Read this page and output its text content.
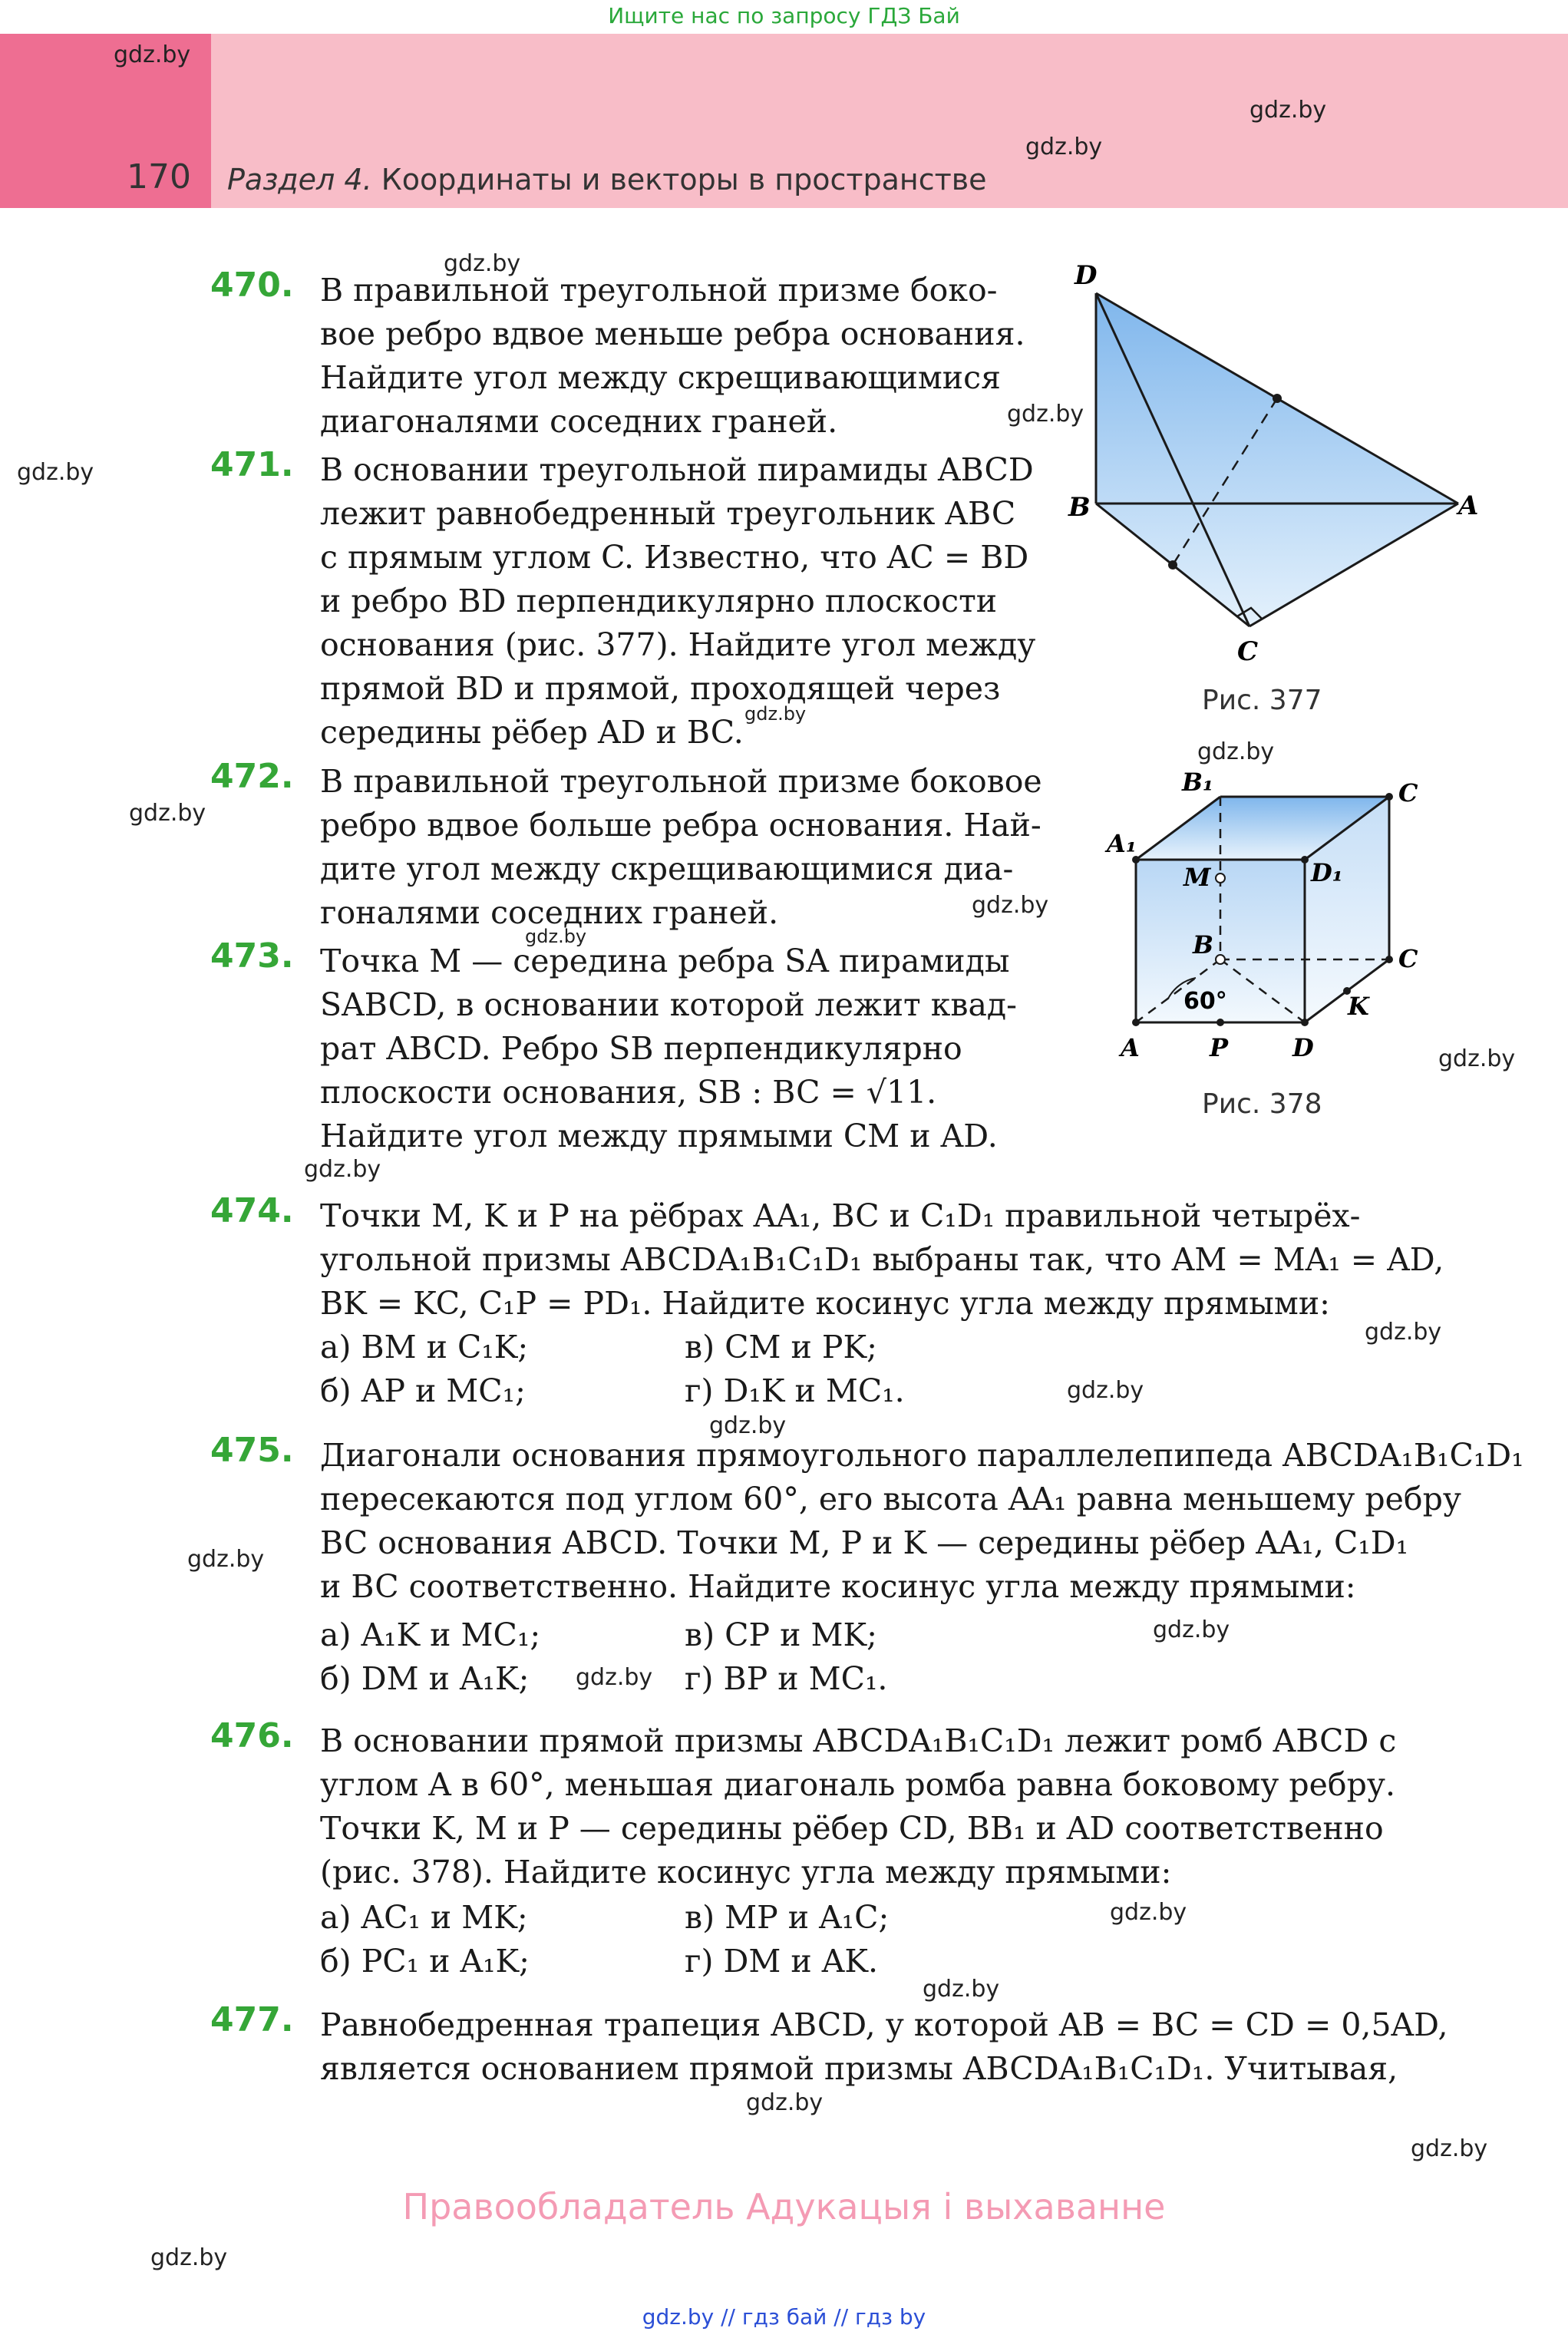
Ищите нас по запросу ГДЗ Бай
170 Раздел 4. Координаты и векторы в пространстве
gdz.by
gdz.by
gdz.by
gdz.by
gdz.by
gdz.by
gdz.by
gdz.by
gdz.by
gdz.by
gdz.by
gdz.by
gdz.by
gdz.by
gdz.by
gdz.by
gdz.by
gdz.by
gdz.by
gdz.by
gdz.by
gdz.by
gdz.by
gdz.by
470. В правильной треугольной призме боко-
вое ребро вдвое меньше ребра основания.
Найдите угол между скрещивающимися
диагоналями соседних граней.
471. В основании треугольной пирамиды ABCD
лежит равнобедренный треугольник ABC
с прямым углом C. Известно, что AC = BD
и ребро BD перпендикулярно плоскости
основания (рис. 377). Найдите угол между
прямой BD и прямой, проходящей через
середины рёбер AD и BC.
472. В правильной треугольной призме боковое
ребро вдвое больше ребра основания. Най-
дите угол между скрещивающимися диа-
гоналями соседних граней.
473. Точка M — середина ребра SA пирамиды
SABCD, в основании которой лежит квад-
рат ABCD. Ребро SB перпендикулярно
плоскости основания, SB : BC = √11.
Найдите угол между прямыми CM и AD.
474. Точки M, K и P на рёбрах AA₁, BC и C₁D₁ правильной четырёх-
угольной призмы ABCDA₁B₁C₁D₁ выбраны так, что AM = MA₁ = AD,
BK = KC, C₁P = PD₁. Найдите косинус угла между прямыми:
а) BM и C₁K;	в) CM и PK;
б) AP и MC₁;	г) D₁K и MC₁.
475. Диагонали основания прямоугольного параллелепипеда ABCDA₁B₁C₁D₁
пересекаются под углом 60°, его высота AA₁ равна меньшему ребру
BC основания ABCD. Точки M, P и K — середины рёбер AA₁, C₁D₁
и BC соответственно. Найдите косинус угла между прямыми:
а) A₁K и MC₁;	в) CP и MK;
б) DM и A₁K;	г) BP и MC₁.
476. В основании прямой призмы ABCDA₁B₁C₁D₁ лежит ромб ABCD с
углом A в 60°, меньшая диагональ ромба равна боковому ребру.
Точки K, M и P — середины рёбер CD, BB₁ и AD соответственно
(рис. 378). Найдите косинус угла между прямыми:
а) AC₁ и MK;	в) MP и A₁C;
б) PC₁ и A₁K;	г) DM и AK.
477. Равнобедренная трапеция ABCD, у которой AB = BC = CD = 0,5AD,
является основанием прямой призмы ABCDA₁B₁C₁D₁. Учитывая,
D
B	A
C
Рис. 377
B₁	C
A₁
M	D₁
B	C
K
60°
A	P	D
Рис. 378
Правообладатель Адукацыя і выхаванне
gdz.by // гдз бай // гдз by
